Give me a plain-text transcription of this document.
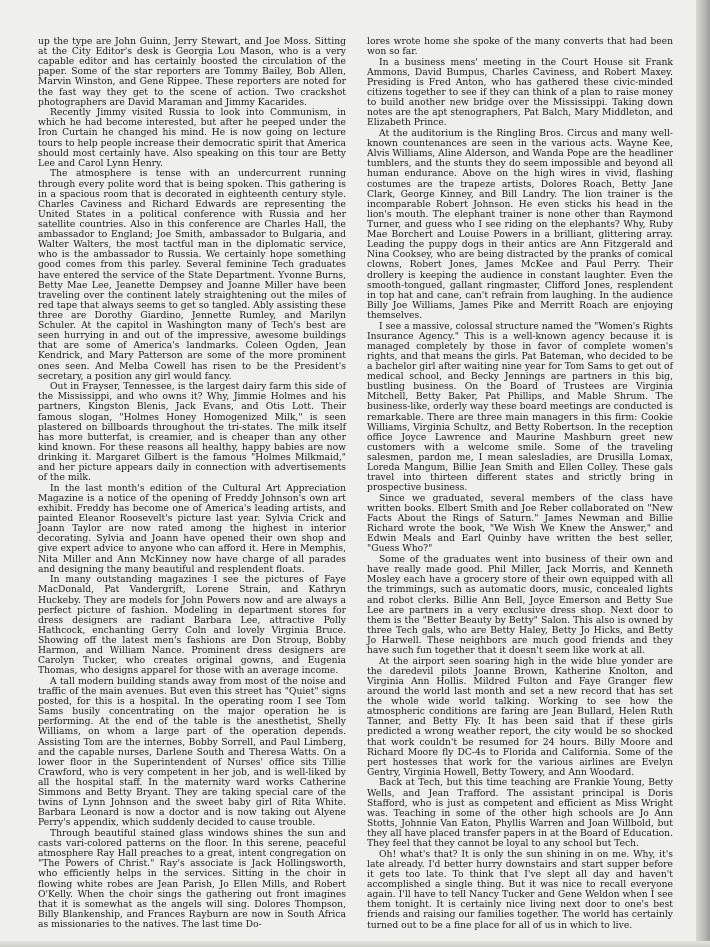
up the type are John Guinn, Jerry Stewart, and Joe Moss. Sitting at the City Editor's desk is Georgia Lou Mason, who is a very capable editor and has certainly boosted the circulation of the paper. Some of the star reporters are Tommy Bailey, Bob Allen, Marvin Winston, and Gene Rippee. These reporters are noted for the fast way they get to the scene of action. Two crackshot photographers are David Maraman and Jimmy Kacarides.

Recently Jimmy visited Russia to look into Communism, in which he had become interested, but after he peeped under the Iron Curtain he changed his mind. He is now going on lecture tours to help people increase their democratic spirit that America should most certainly have. Also speaking on this tour are Betty Lee and Carol Lynn Henry.

The atmosphere is tense with an undercurrent running through every polite word that is being spoken. This gathering is in a spacious room that is decorated in eighteenth century style. Charles Caviness and Richard Edwards are representing the United States in a political conference with Russia and her satellite countries. Also in this conference are Charles Hall, the ambassador to England; Joe Smith, ambassador to Bulgaria, and Walter Walters, the most tactful man in the diplomatic service, who is the ambassador to Russia. We certainly hope something good comes from this parley. Several feminine Tech graduates have entered the service of the State Department. Yvonne Burns, Betty Mae Lee, Jeanette Dempsey and Joanne Miller have been traveling over the continent lately straightening out the miles of red tape that always seems to get so tangled. Ably assisting these three are Dorothy Giardino, Jennette Rumley, and Marilyn Schuler. At the capitol in Washington many of Tech's best are seen hurrying in and out of the impressive, awesome buildings that are some of America's landmarks. Coleen Ogden, Jean Kendrick, and Mary Patterson are some of the more prominent ones seen. And Melba Cowell has risen to be the President's secretary, a position any girl would fancy.

Out in Frayser, Tennessee, is the largest dairy farm this side of the Mississippi, and who owns it? Why, Jimmie Holmes and his partners, Kingston Blenis, Jack Evans, and Otis Lott. Their famous slogan, "Holmes Honey Homogenized Milk," is seen plastered on billboards throughout the tri-states. The milk itself has more butterfat, is creamier, and is cheaper than any other kind known. For these reasons all healthy, happy babies are now drinking it. Margaret Gilbert is the famous "Holmes Milkmaid," and her picture appears daily in connection with advertisements of the milk.

In the last month's edition of the Cultural Art Appreciation Magazine is a notice of the opening of Freddy Johnson's own art exhibit. Freddy has become one of America's leading artists, and painted Eleanor Roosevelt's picture last year. Sylvia Crick and Joann Taylor are now rated among the highest in interior decorating. Sylvia and Joann have opened their own shop and give expert advice to anyone who can afford it. Here in Memphis, Nita Miller and Ann McKinney now have charge of all parades and designing the many beautiful and resplendent floats.

In many outstanding magazines I see the pictures of Faye MacDonald, Pat Vandergrift, Lorene Strain, and Kathryn Huckeby. They are models for John Powers now and are always a perfect picture of fashion. Modeling in department stores for dress designers are radiant Barbara Lee, attractive Polly Hathcock, enchanting Gerry Coln and lovely Virginia Bruce. Showing off the latest men's fashions are Don Stroup, Bobby Harmon, and William Nance. Prominent dress designers are Carolyn Tucker, who creates original gowns, and Eugenia Thomas, who designs apparel for those with an average income.

A tall modern building stands away from most of the noise and traffic of the main avenues. But even this street has "Quiet" signs posted, for this is a hospital. In the operating room I see Tom Sams busily concentrating on the major operation he is performing. At the end of the table is the anesthetist, Shelly Williams, on whom a large part of the operation depends. Assisting Tom are the internes, Bobby Sorrell, and Paul Limberg, and the capable nurses, Darlene South and Theresa Watts. On a lower floor in the Superintendent of Nurses' office sits Tillie Crawford, who is very competent in her job, and is well-liked by all the hospital staff. In the maternity ward works Catherine Simmons and Betty Bryant. They are taking special care of the twins of Lynn Johnson and the sweet baby girl of Rita White. Barbara Leonard is now a doctor and is now taking out Alyene Perry's appendix, which suddenly decided to cause trouble.

Through beautiful stained glass windows shines the sun and casts vari-colored patterns on the floor. In this serene, peaceful atmosphere Ray Hall preaches to a great, intent congregation on "The Powers of Christ." Ray's associate is Jack Hollingsworth, who efficiently helps in the services. Sitting in the choir in flowing white robes are Jean Parish, Jo Ellen Mills, and Robert O'Kelly. When the choir sings the gathering out front imagines that it is somewhat as the angels will sing. Dolores Thompson, Billy Blankenship, and Frances Rayburn are now in South Africa as missionaries to the natives. The last time Do-

lores wrote home she spoke of the many converts that had been won so far.

In a business mens' meeting in the Court House sit Frank Ammons, David Bumpus, Charles Caviness, and Robert Maxey. Presiding is Fred Anton, who has gathered these civic-minded citizens together to see if they can think of a plan to raise money to build another new bridge over the Mississippi. Taking down notes are the apt stenographers, Pat Balch, Mary Middleton, and Elizabeth Prince.

At the auditorium is the Ringling Bros. Circus and many well-known countenances are seen in the various acts. Wayne Kee, Alvis Williams, Aline Alderson, and Wanda Pope are the headliner tumblers, and the stunts they do seem impossible and beyond all human endurance. Above on the high wires in vivid, flashing costumes are the trapeze artists, Dolores Roach, Betty Jane Clark, George Kinney, and Bill Landry. The lion trainer is the incomparable Robert Johnson. He even sticks his head in the lion's mouth. The elephant trainer is none other than Raymond Turner, and guess who I see riding on the elephants? Why, Ruby Mae Borchert and Louise Powers in a brilliant, glittering array. Leading the puppy dogs in their antics are Ann Fitzgerald and Nina Cooksey, who are being distracted by the pranks of comical clowns, Robert Jones, James McKee and Paul Perry. Their drollery is keeping the audience in constant laughter. Even the smooth-tongued, gallant ringmaster, Clifford Jones, resplendent in top hat and cane, can't refrain from laughing. In the audience Billy Joe Williams, James Pike and Merritt Roach are enjoying themselves.

I see a massive, colossal structure named the "Women's Rights Insurance Agency." This is a well-known agency because it is managed completely by those in favor of complete women's rights, and that means the girls. Pat Bateman, who decided to be a bachelor girl after waiting nine year for Tom Sams to get out of medical school, and Becky Jennings are partners in this big, bustling business. On the Board of Trustees are Virginia Mitchell, Betty Baker, Pat Phillips, and Mable Shrum. The business-like, orderly way these board meetings are conducted is remarkable. There are three main managers in this firm: Cookie Williams, Virginia Schultz, and Betty Robertson. In the reception office Joyce Lawrence and Maurine Mashburn greet new customers with a welcome smile. Some of the traveling salesmen, pardon me, I mean salesladies, are Drusilla Lomax, Loreda Mangum, Billie Jean Smith and Ellen Colley. These gals travel into thirteen different states and strictly bring in prospective business.

Since we graduated, several members of the class have written books. Elbert Smith and Joe Reber collaborated on "New Facts About the Rings of Saturn." James Newman and Billie Richard wrote the book, "We Wish We Knew the Answer," and Edwin Meals and Earl Quinby have written the best seller, "Guess Who?"

Some of the graduates went into business of their own and have really made good. Phil Miller, Jack Morris, and Kenneth Mosley each have a grocery store of their own equipped with all the trimmings, such as automatic doors, music, concealed lights and robot clerks. Billie Ann Bell, Joyce Emerson and Betty Sue Lee are partners in a very exclusive dress shop. Next door to them is the "Better Beauty by Betty" Salon. This also is owned by three Tech gals, who are Betty Haley, Betty Jo Hicks, and Betty Jo Harwell. These neighbors are much good friends and they have such fun together that it doesn't seem like work at all.

At the airport seen soaring high in the wide blue yonder are the daredevil pilots Joanne Brown, Katherine Knolton, and Virginia Ann Hollis. Mildred Fulton and Faye Granger flew around the world last month and set a new record that has set the whole wide world talking. Working to see how the atmospheric conditions are faring are Jean Bullard, Helen Ruth Tanner, and Betty Fly. It has been said that if these girls predicted a wrong weather report, the city would be so shocked that work couldn't be resumed for 24 hours. Billy Moore and Richard Moore fly DC-4s to Florida and California. Some of the pert hostesses that work for the various airlines are Evelyn Gentry, Virginia Howell, Betty Towery, and Ann Woodard.

Back at Tech, but this time teaching are Frankie Young, Betty Wells, and Jean Trafford. The assistant principal is Doris Stafford, who is just as competent and efficient as Miss Wright was. Teaching in some of the other high schools are Jo Ann Stotts, Johnnie Van Eaton, Phyllis Warren and Joan Willbold, but they all have placed transfer papers in at the Board of Education. They feel that they cannot be loyal to any school but Tech.

Oh! what's that? It is only the sun shining in on me. Why, it's late already. I'd better hurry downstairs and start supper before it gets too late. To think that I've slept all day and haven't accomplished a single thing. But it was nice to recall everyone again. I'll have to tell Nancy Tucker and Gene Weldon when I see them tonight. It is certainly nice living next door to one's best friends and raising our families together. The world has certainly turned out to be a fine place for all of us in which to live.
